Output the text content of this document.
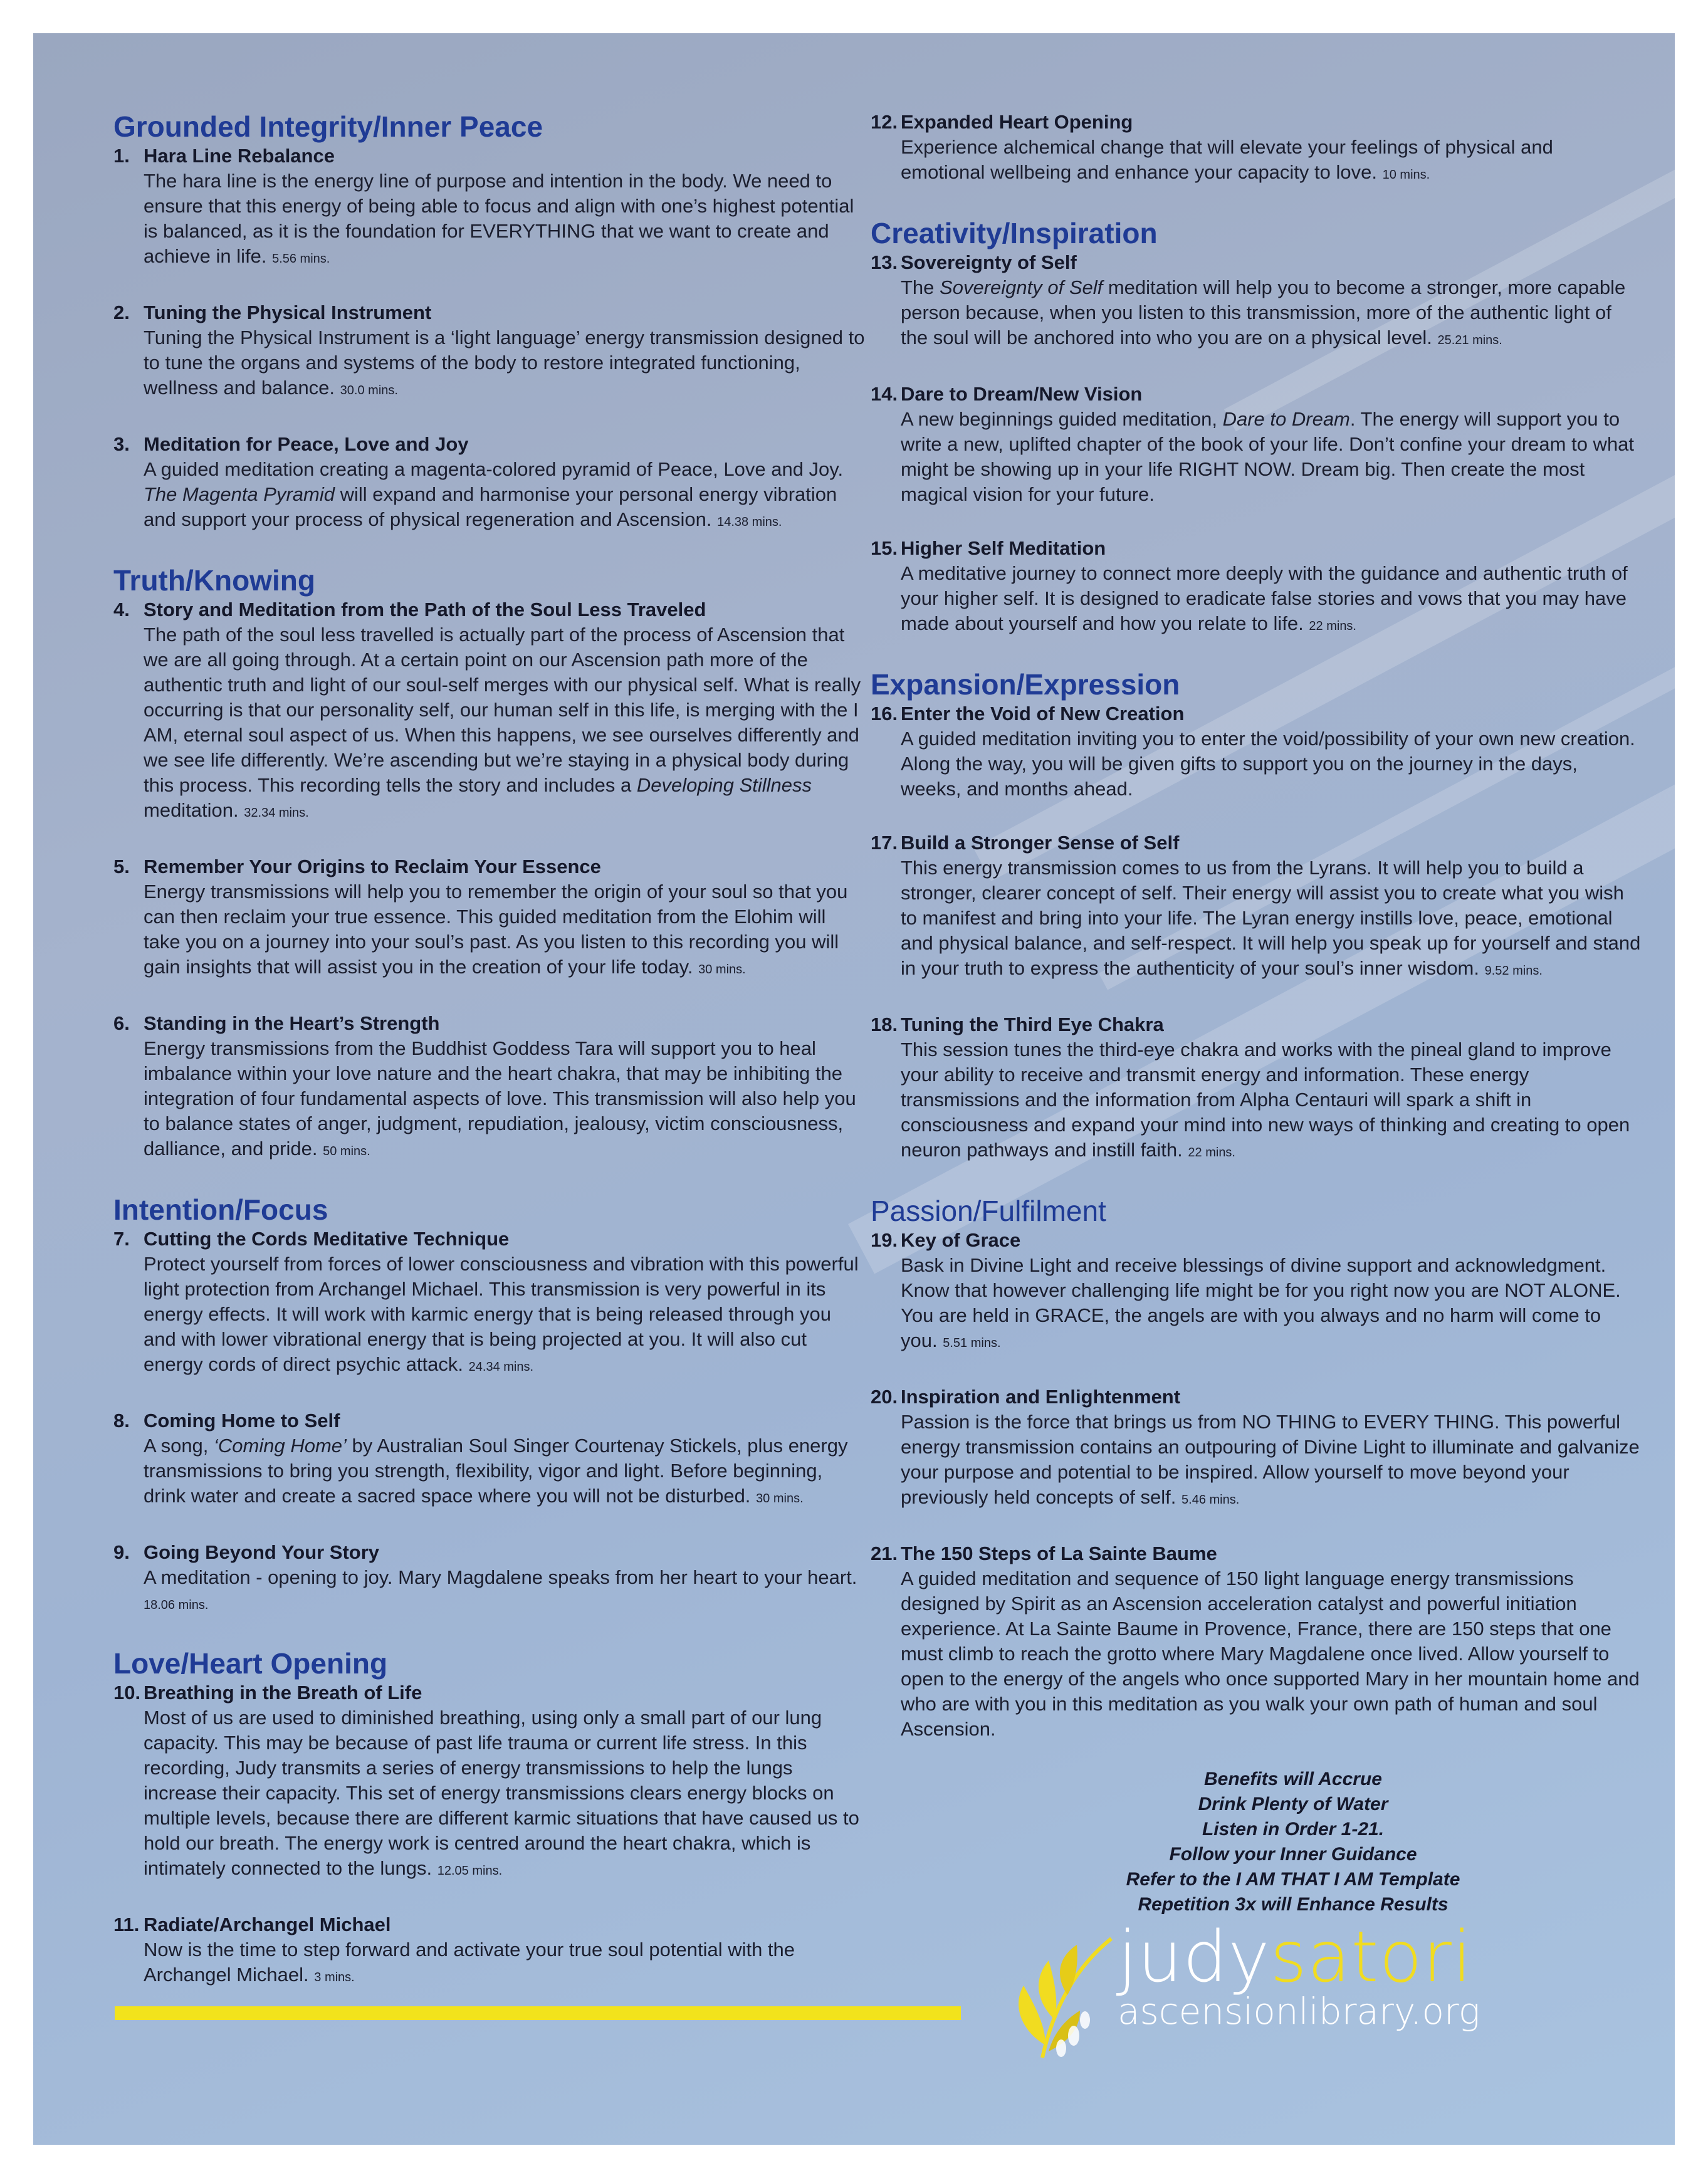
Grounded Integrity/Inner Peace
1. Hara Line Rebalance
The hara line is the energy line of purpose and intention in the body. We need to ensure that this energy of being able to focus and align with one’s highest potential is balanced, as it is the foundation for EVERYTHING that we want to create and achieve in life. 5.56 mins.
2. Tuning the Physical Instrument
Tuning the Physical Instrument is a ‘light language’ energy transmission designed to to tune the organs and systems of the body to restore integrated functioning, wellness and balance. 30.0 mins.
3. Meditation for Peace, Love and Joy
A guided meditation creating a magenta-colored pyramid of Peace, Love and Joy. The Magenta Pyramid will expand and harmonise your personal energy vibration and support your process of physical regeneration and Ascension. 14.38 mins.
Truth/Knowing
4. Story and Meditation from the Path of the Soul Less Traveled
The path of the soul less travelled is actually part of the process of Ascension that we are all going through. At a certain point on our Ascension path more of the authentic truth and light of our soul-self merges with our physical self. What is really occurring is that our personality self, our human self in this life, is merging with the I AM, eternal soul aspect of us. When this happens, we see ourselves differently and we see life differently. We’re ascending but we’re staying in a physical body during this process. This recording tells the story and includes a Developing Stillness meditation. 32.34 mins.
5. Remember Your Origins to Reclaim Your Essence
Energy transmissions will help you to remember the origin of your soul so that you can then reclaim your true essence. This guided meditation from the Elohim will take you on a journey into your soul’s past. As you listen to this recording you will gain insights that will assist you in the creation of your life today. 30 mins.
6. Standing in the Heart’s Strength
Energy transmissions from the Buddhist Goddess Tara will support you to heal imbalance within your love nature and the heart chakra, that may be inhibiting the integration of four fundamental aspects of love. This transmission will also help you to balance states of anger, judgment, repudiation, jealousy, victim consciousness, dalliance, and pride. 50 mins.
Intention/Focus
7. Cutting the Cords Meditative Technique
Protect yourself from forces of lower consciousness and vibration with this powerful light protection from Archangel Michael. This transmission is very powerful in its energy effects. It will work with karmic energy that is being released through you and with lower vibrational energy that is being projected at you. It will also cut energy cords of direct psychic attack. 24.34 mins.
8. Coming Home to Self
A song, ‘Coming Home’ by Australian Soul Singer Courtenay Stickels, plus energy transmissions to bring you strength, flexibility, vigor and light. Before beginning, drink water and create a sacred space where you will not be disturbed. 30 mins.
9. Going Beyond Your Story
A meditation - opening to joy. Mary Magdalene speaks from her heart to your heart. 18.06 mins.
Love/Heart Opening
10. Breathing in the Breath of Life
Most of us are used to diminished breathing, using only a small part of our lung capacity. This may be because of past life trauma or current life stress. In this recording, Judy transmits a series of energy transmissions to help the lungs increase their capacity. This set of energy transmissions clears energy blocks on multiple levels, because there are different karmic situations that have caused us to hold our breath. The energy work is centred around the heart chakra, which is intimately connected to the lungs. 12.05 mins.
11. Radiate/Archangel Michael
Now is the time to step forward and activate your true soul potential with the Archangel Michael. 3 mins.
12. Expanded Heart Opening
Experience alchemical change that will elevate your feelings of physical and emotional wellbeing and enhance your capacity to love. 10 mins.
Creativity/Inspiration
13. Sovereignty of Self
The Sovereignty of Self meditation will help you to become a stronger, more capable person because, when you listen to this transmission, more of the authentic light of the soul will be anchored into who you are on a physical level. 25.21 mins.
14. Dare to Dream/New Vision
A new beginnings guided meditation, Dare to Dream. The energy will support you to write a new, uplifted chapter of the book of your life. Don’t confine your dream to what might be showing up in your life RIGHT NOW. Dream big. Then create the most magical vision for your future.
15. Higher Self Meditation
A meditative journey to connect more deeply with the guidance and authentic truth of your higher self. It is designed to eradicate false stories and vows that you may have made about yourself and how you relate to life. 22 mins.
Expansion/Expression
16. Enter the Void of New Creation
A guided meditation inviting you to enter the void/possibility of your own new creation. Along the way, you will be given gifts to support you on the journey in the days, weeks, and months ahead.
17. Build a Stronger Sense of Self
This energy transmission comes to us from the Lyrans. It will help you to build a stronger, clearer concept of self. Their energy will assist you to create what you wish to manifest and bring into your life. The Lyran energy instills love, peace, emotional and physical balance, and self-respect. It will help you speak up for yourself and stand in your truth to express the authenticity of your soul’s inner wisdom. 9.52 mins.
18. Tuning the Third Eye Chakra
This session tunes the third-eye chakra and works with the pineal gland to improve your ability to receive and transmit energy and information. These energy transmissions and the information from Alpha Centauri will spark a shift in consciousness and expand your mind into new ways of thinking and creating to open neuron pathways and instill faith. 22 mins.
Passion/Fulfilment
19. Key of Grace
Bask in Divine Light and receive blessings of divine support and acknowledgment. Know that however challenging life might be for you right now you are NOT ALONE. You are held in GRACE, the angels are with you always and no harm will come to you. 5.51 mins.
20. Inspiration and Enlightenment
Passion is the force that brings us from NO THING to EVERY THING. This powerful energy transmission contains an outpouring of Divine Light to illuminate and galvanize your purpose and potential to be inspired. Allow yourself to move beyond your previously held concepts of self. 5.46 mins.
21. The 150 Steps of La Sainte Baume
A guided meditation and sequence of 150 light language energy transmissions designed by Spirit as an Ascension acceleration catalyst and powerful initiation experience. At La Sainte Baume in Provence, France, there are 150 steps that one must climb to reach the grotto where Mary Magdalene once lived. Allow yourself to open to the energy of the angels who once supported Mary in her mountain home and who are with you in this meditation as you walk your own path of human and soul Ascension.
Benefits will Accrue
Drink Plenty of Water
Listen in Order 1-21.
Follow your Inner Guidance
Refer to the I AM THAT I AM Template
Repetition 3x will Enhance Results
judysatori
ascensionlibrary.org
